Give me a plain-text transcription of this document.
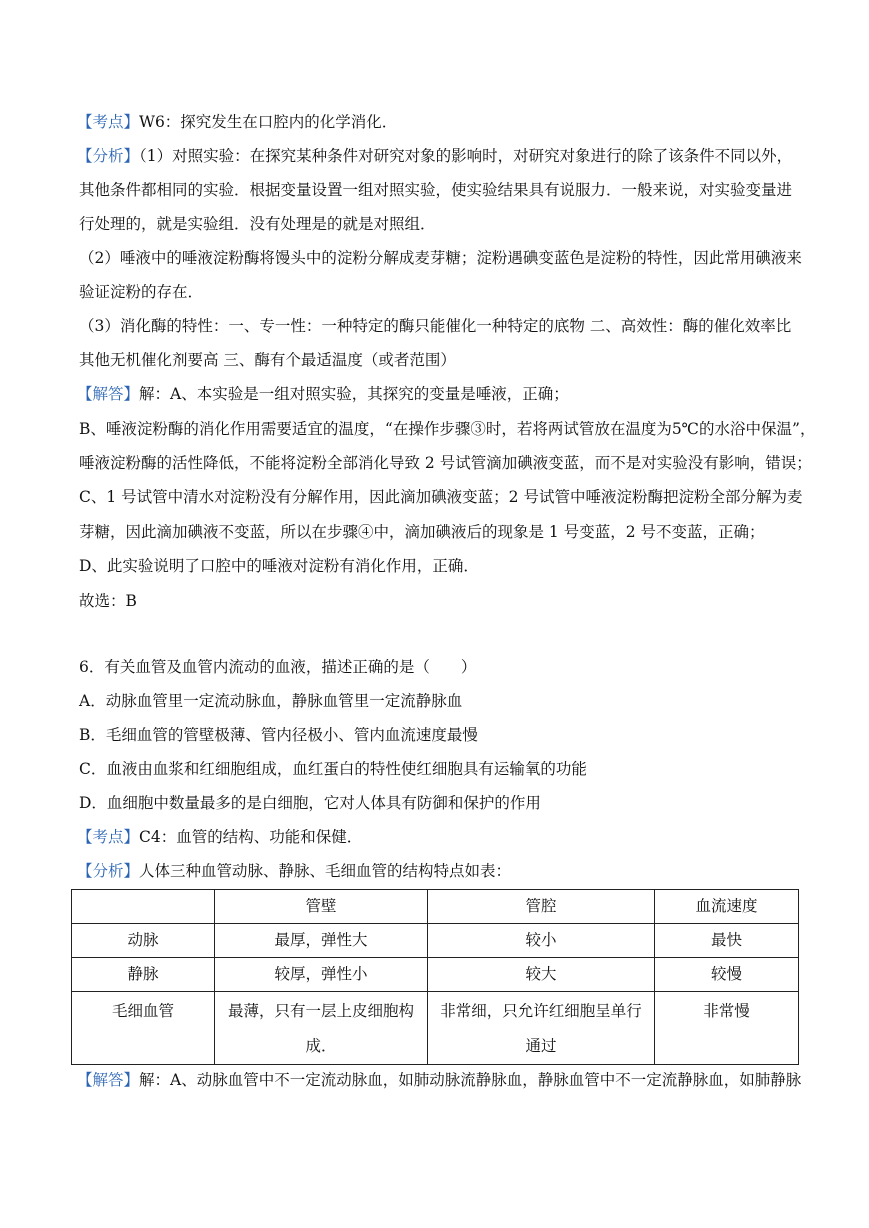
【考点】W6：探究发生在口腔内的化学消化．
【分析】（1）对照实验：在探究某种条件对研究对象的影响时，对研究对象进行的除了该条件不同以外，
其他条件都相同的实验．根据变量设置一组对照实验，使实验结果具有说服力．一般来说，对实验变量进
行处理的，就是实验组．没有处理是的就是对照组．
（2）唾液中的唾液淀粉酶将馒头中的淀粉分解成麦芽糖；淀粉遇碘变蓝色是淀粉的特性，因此常用碘液来
验证淀粉的存在．
（3）消化酶的特性：一、专一性：一种特定的酶只能催化一种特定的底物 二、高效性：酶的催化效率比
其他无机催化剂要高 三、酶有个最适温度（或者范围）
【解答】解：A、本实验是一组对照实验，其探究的变量是唾液，正确；
B、唾液淀粉酶的消化作用需要适宜的温度，“在操作步骤③时，若将两试管放在温度为5℃的水浴中保温”，
唾液淀粉酶的活性降低，不能将淀粉全部消化导致 2 号试管滴加碘液变蓝，而不是对实验没有影响，错误；
C、1 号试管中清水对淀粉没有分解作用，因此滴加碘液变蓝；2 号试管中唾液淀粉酶把淀粉全部分解为麦
芽糖，因此滴加碘液不变蓝，所以在步骤④中，滴加碘液后的现象是 1 号变蓝，2 号不变蓝，正确；
D、此实验说明了口腔中的唾液对淀粉有消化作用，正确．
故选：B
6．有关血管及血管内流动的血液，描述正确的是（　　）
A．动脉血管里一定流动脉血，静脉血管里一定流静脉血
B．毛细血管的管壁极薄、管内径极小、管内血流速度最慢
C．血液由血浆和红细胞组成，血红蛋白的特性使红细胞具有运输氧的功能
D．血细胞中数量最多的是白细胞，它对人体具有防御和保护的作用
【考点】C4：血管的结构、功能和保健．
【分析】人体三种血管动脉、静脉、毛细血管的结构特点如表：
	管壁	管腔	血流速度
动脉	最厚，弹性大	较小	最快
静脉	较厚，弹性小	较大	较慢
毛细血管	最薄，只有一层上皮细胞构成．	非常细，只允许红细胞呈单行通过	非常慢
【解答】解：A、动脉血管中不一定流动脉血，如肺动脉流静脉血，静脉血管中不一定流静脉血，如肺静脉
